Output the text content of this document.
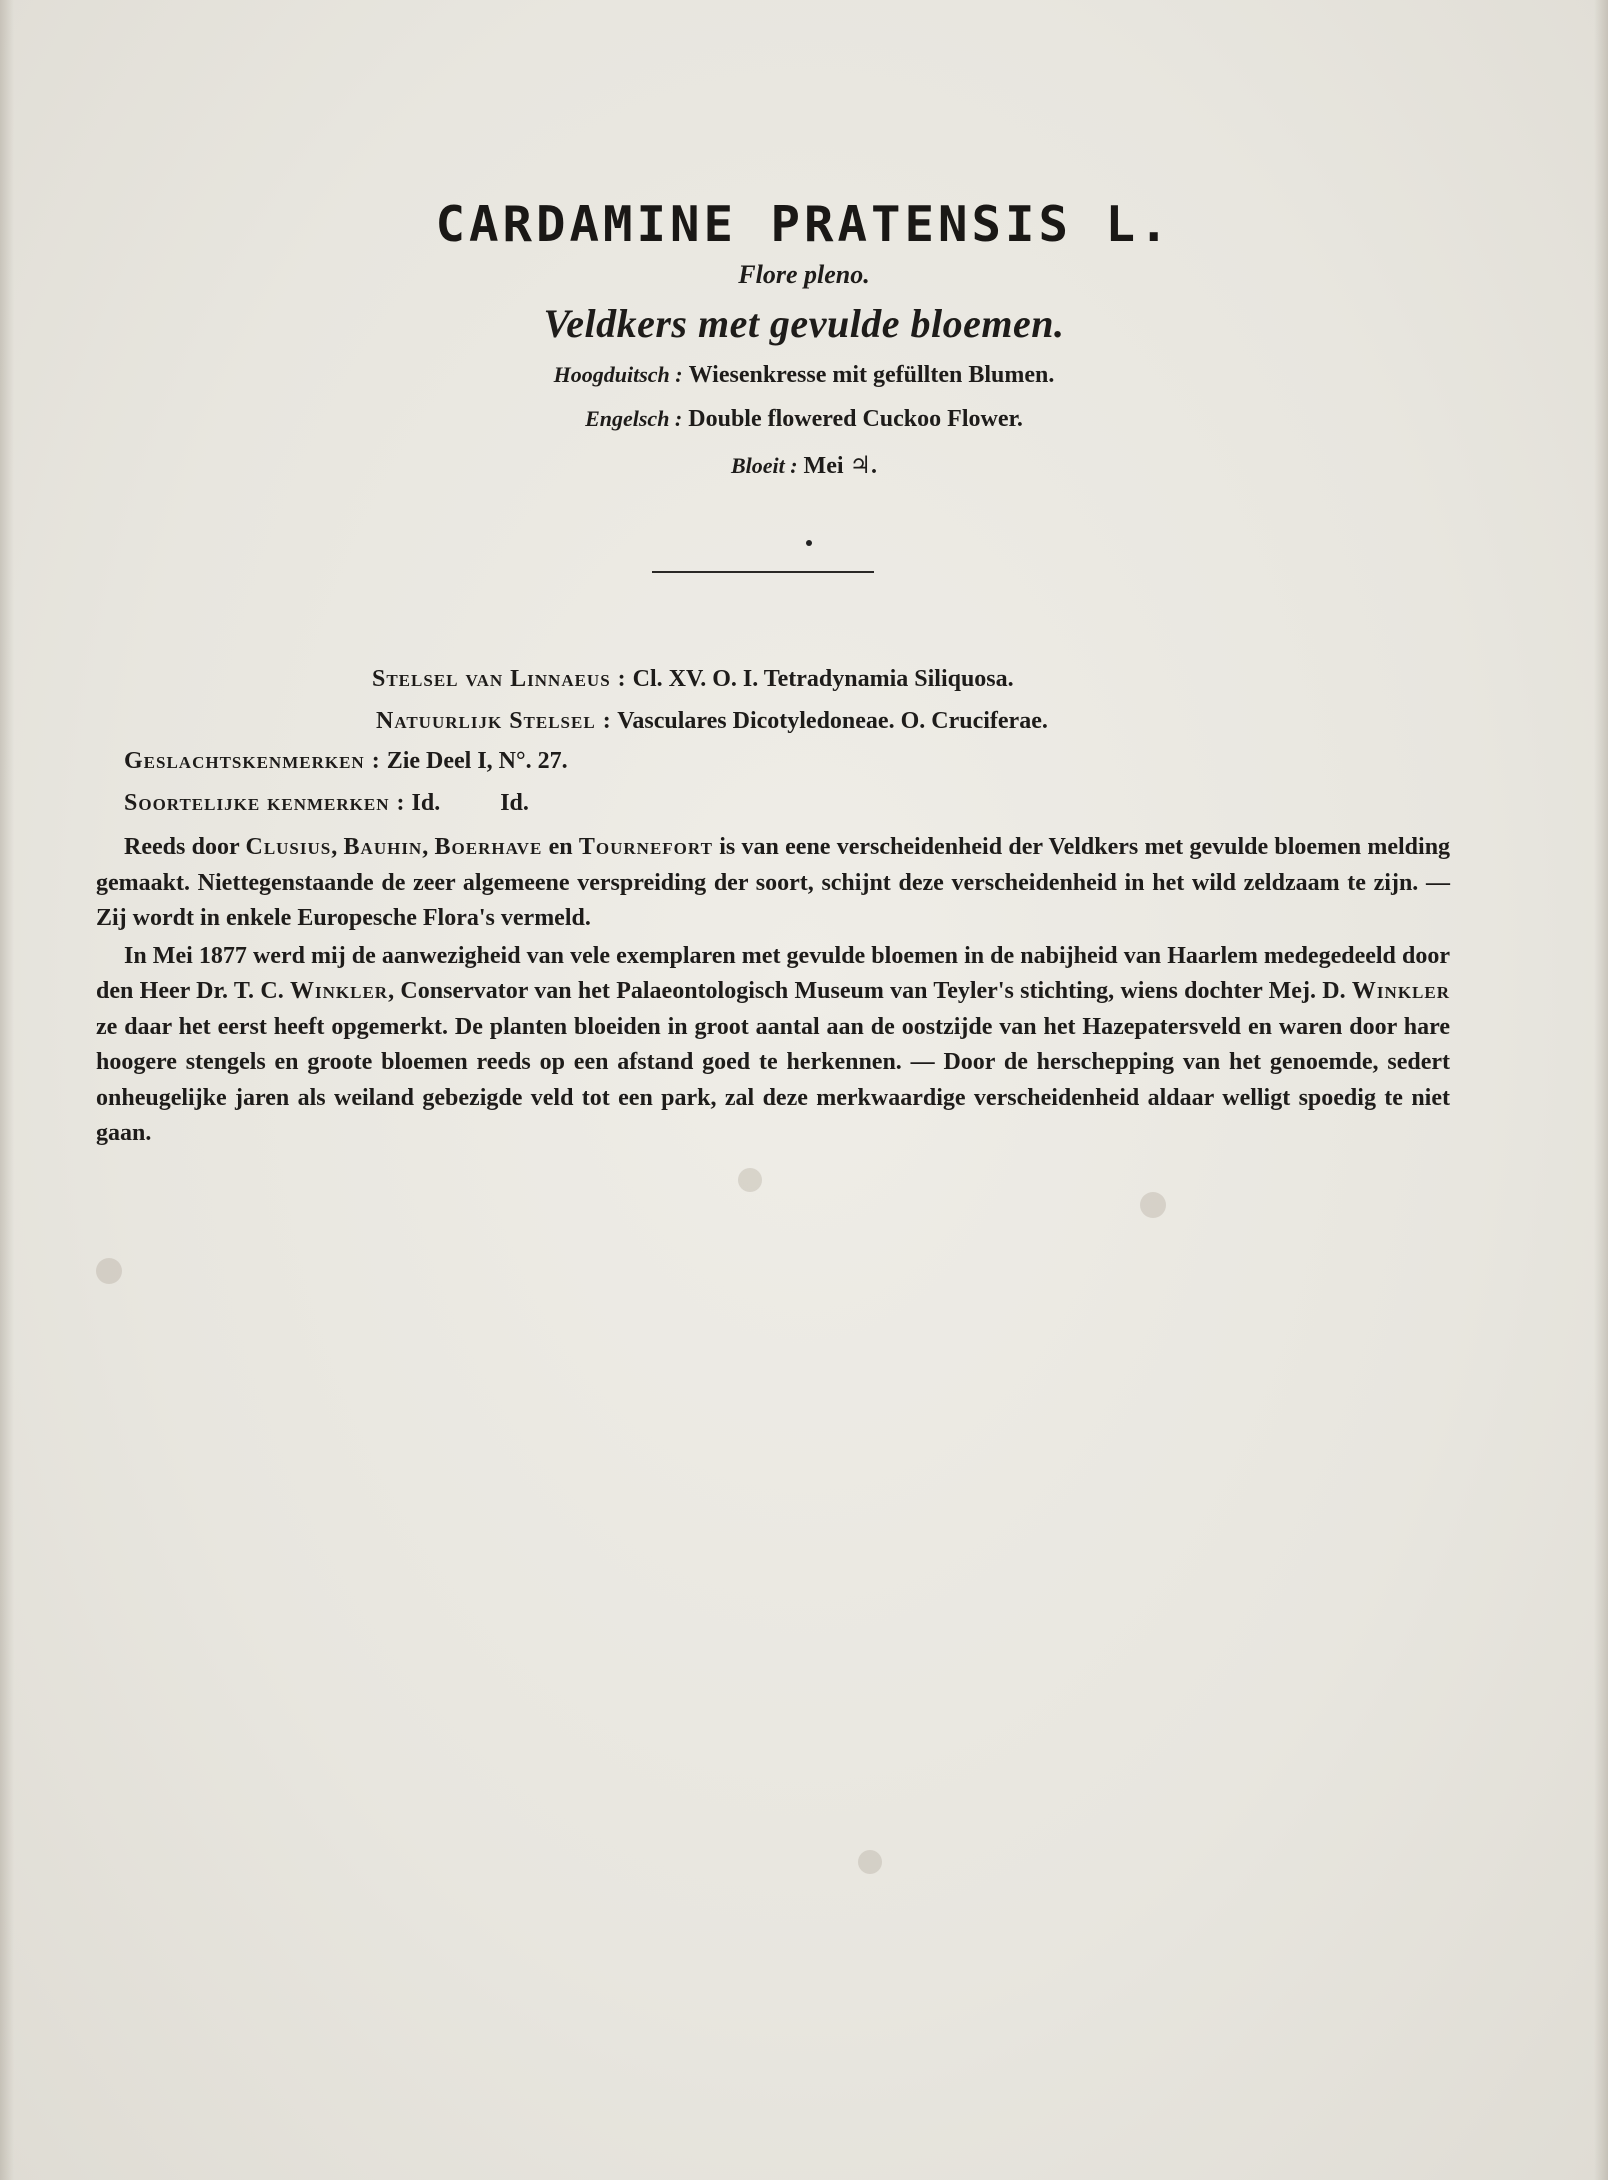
CARDAMINE PRATENSIS L.
Flore pleno.
Veldkers met gevulde bloemen.
Hoogduitsch : Wiesenkresse mit gefüllten Blumen.
Engelsch : Double flowered Cuckoo Flower.
Bloeit : Mei ♃.
Stelsel van Linnaeus : Cl. XV. O. I. Tetradynamia Siliquosa.
Natuurlijk Stelsel : Vasculares Dicotyledoneae. O. Cruciferae.
Geslachtskenmerken : Zie Deel I, N°. 27.
Soortelijke kenmerken : Id.	Id.

Reeds door Clusius, Bauhin, Boerhave en Tournefort is van eene verscheidenheid der Veldkers met gevulde bloemen melding gemaakt. Niettegenstaande de zeer algemeene verspreiding der soort, schijnt deze verscheidenheid in het wild zeldzaam te zijn. — Zij wordt in enkele Europesche Flora's vermeld.

In Mei 1877 werd mij de aanwezigheid van vele exemplaren met gevulde bloemen in de nabijheid van Haarlem medegedeeld door den Heer Dr. T. C. Winkler, Conservator van het Palaeontologisch Museum van Teyler's stichting, wiens dochter Mej. D. Winkler ze daar het eerst heeft opgemerkt. De planten bloeiden in groot aantal aan de oostzijde van het Hazepatersveld en waren door hare hoogere stengels en groote bloemen reeds op een afstand goed te herkennen. — Door de herschepping van het genoemde, sedert onheugelijke jaren als weiland gebezigde veld tot een park, zal deze merkwaardige verscheidenheid aldaar welligt spoedig te niet gaan.
